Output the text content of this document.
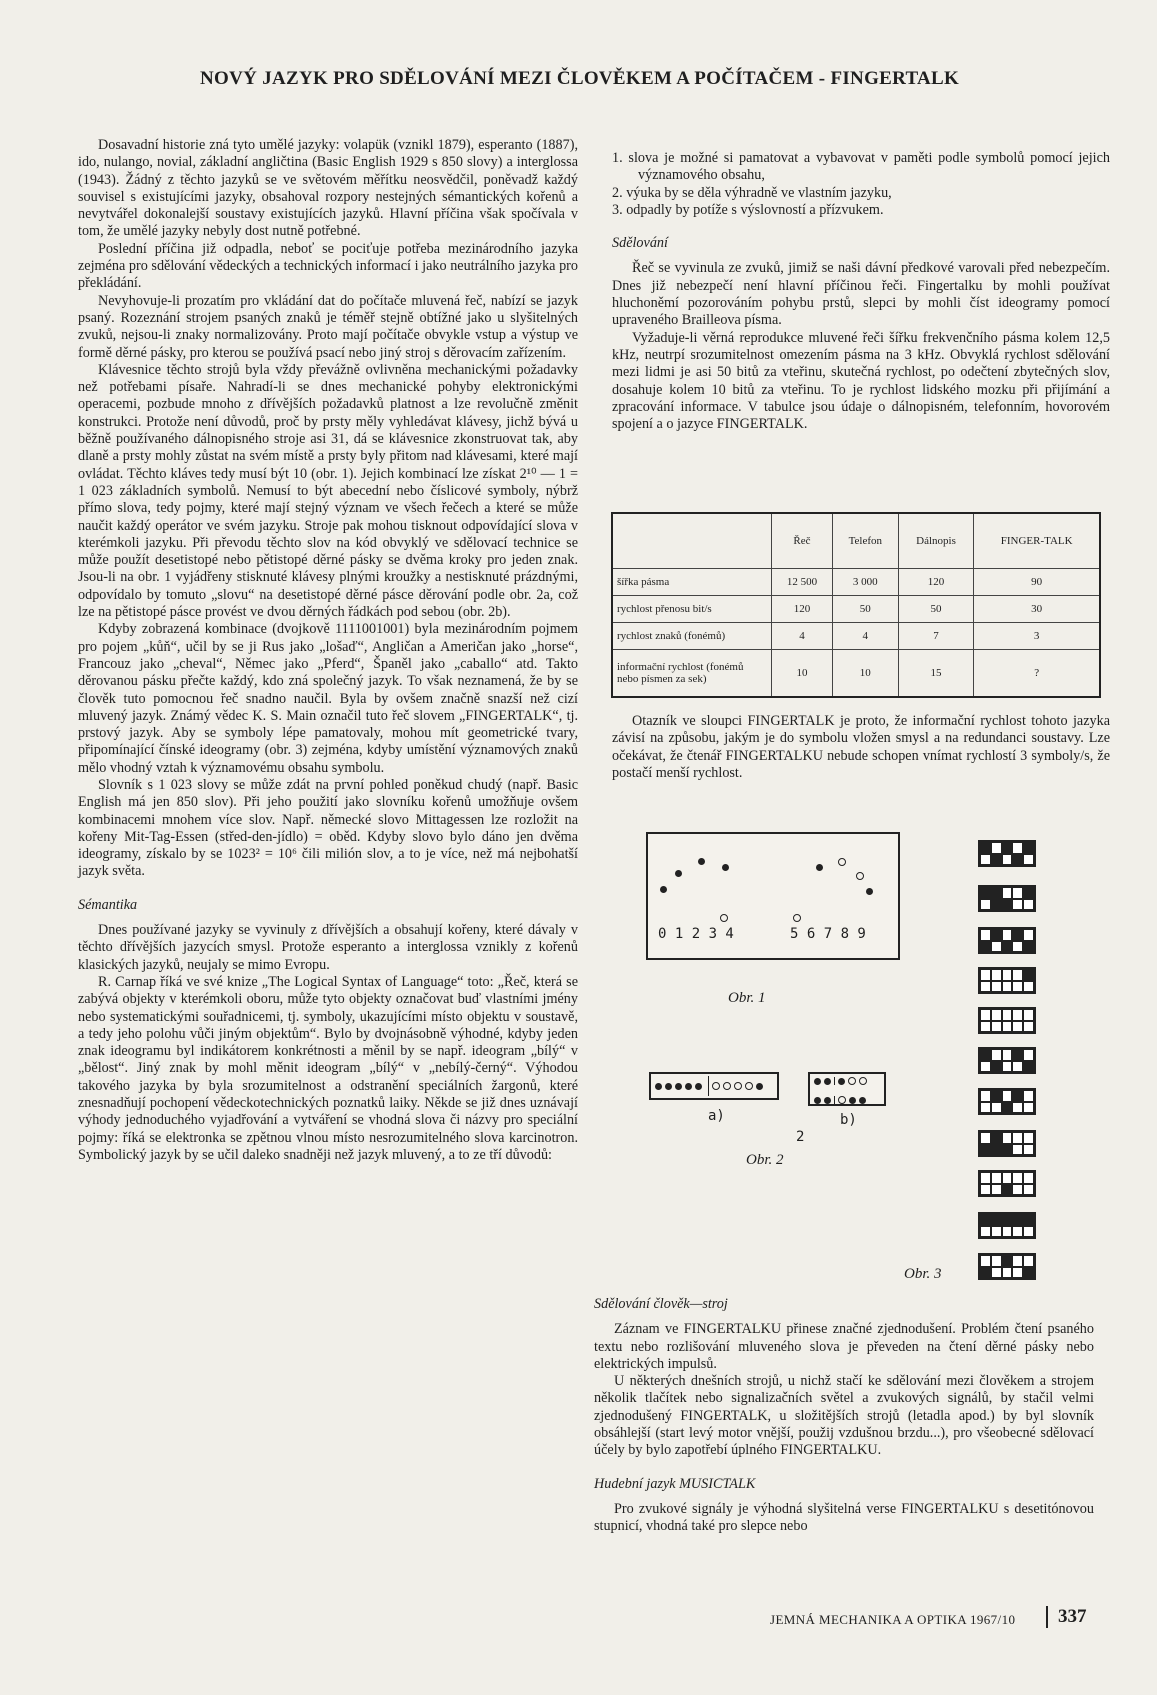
NOVÝ JAZYK PRO SDĚLOVÁNÍ MEZI ČLOVĚKEM A POČÍTAČEM - FINGERTALK

Dosavadní historie zná tyto umělé jazyky: volapük (vznikl 1879), esperanto (1887), ido, nulango, novial, základní angličtina (Basic English 1929 s 850 slovy) a interglossa (1943). Žádný z těchto jazyků se ve světovém měřítku neosvědčil, poněvadž každý souvisel s existujícími jazyky, obsahoval rozpory nestejných sémantických kořenů a nevytvářel dokonalejší soustavy existujících jazyků. Hlavní příčina však spočívala v tom, že umělé jazyky nebyly dost nutně potřebné.

Poslední příčina již odpadla, neboť se pociťuje potřeba mezinárodního jazyka zejména pro sdělování vědeckých a technických informací i jako neutrálního jazyka pro překládání.

Nevyhovuje-li prozatím pro vkládání dat do počítače mluvená řeč, nabízí se jazyk psaný. Rozeznání strojem psaných znaků je téměř stejně obtížné jako u slyšitelných zvuků, nejsou-li znaky normalizovány. Proto mají počítače obvykle vstup a výstup ve formě děrné pásky, pro kterou se používá psací nebo jiný stroj s děrovacím zařízením.

Klávesnice těchto strojů byla vždy převážně ovlivněna mechanickými požadavky než potřebami písaře. Nahradí-li se dnes mechanické pohyby elektronickými operacemi, pozbude mnoho z dřívějších požadavků platnost a lze revolučně změnit konstrukci. Protože není důvodů, proč by prsty měly vyhledávat klávesy, jichž bývá u běžně používaného dálnopisného stroje asi 31, dá se klávesnice zkonstruovat tak, aby dlaně a prsty mohly zůstat na svém místě a prsty byly přitom nad klávesami, které mají ovládat. Těchto kláves tedy musí být 10 (obr. 1). Jejich kombinací lze získat 2¹⁰ — 1 = 1 023 základních symbolů. Nemusí to být abecední nebo číslicové symboly, nýbrž přímo slova, tedy pojmy, které mají stejný význam ve všech řečech a které se může naučit každý operátor ve svém jazyku. Stroje pak mohou tisknout odpovídající slova v kterémkoli jazyku. Při převodu těchto slov na kód obvyklý ve sdělovací technice se může použít desetistopé nebo pětistopé děrné pásky se dvěma kroky pro jeden znak. Jsou-li na obr. 1 vyjádřeny stisknuté klávesy plnými kroužky a nestisknuté prázdnými, odpovídalo by tomuto „slovu“ na desetistopé děrné pásce děrování podle obr. 2a, což lze na pětistopé pásce provést ve dvou děrných řádkách pod sebou (obr. 2b).

Kdyby zobrazená kombinace (dvojkově 1111001001) byla mezinárodním pojmem pro pojem „kůň“, učil by se ji Rus jako „lošaď“, Angličan a Američan jako „horse“, Francouz jako „cheval“, Němec jako „Pferd“, Španěl jako „caballo“ atd. Takto děrovanou pásku přečte každý, kdo zná společný jazyk. To však neznamená, že by se člověk tuto pomocnou řeč snadno naučil. Byla by ovšem značně snazší než cizí mluvený jazyk. Známý vědec K. S. Main označil tuto řeč slovem „FINGERTALK“, tj. prstový jazyk. Aby se symboly lépe pamatovaly, mohou mít geometrické tvary, připomínající čínské ideogramy (obr. 3) zejména, kdyby umístění významových znaků mělo vhodný vztah k významovému obsahu symbolu.

Slovník s 1 023 slovy se může zdát na první pohled poněkud chudý (např. Basic English má jen 850 slov). Při jeho použití jako slovníku kořenů umožňuje ovšem kombinacemi mnohem více slov. Např. německé slovo Mittagessen lze rozložit na kořeny Mit-Tag-Essen (střed-den-jídlo) = oběd. Kdyby slovo bylo dáno jen dvěma ideogramy, získalo by se 1023² = 10⁶ čili milión slov, a to je více, než má nejbohatší jazyk světa.

Sémantika

Dnes používané jazyky se vyvinuly z dřívějších a obsahují kořeny, které dávaly v těchto dřívějších jazycích smysl. Protože esperanto a interglossa vznikly z kořenů klasických jazyků, neujaly se mimo Evropu.

R. Carnap říká ve své knize „The Logical Syntax of Language“ toto: „Řeč, která se zabývá objekty v kterémkoli oboru, může tyto objekty označovat buď vlastními jmény nebo systematickými souřadnicemi, tj. symboly, ukazujícími místo objektu v soustavě, a tedy jeho polohu vůči jiným objektům“. Bylo by dvojnásobně výhodné, kdyby jeden znak ideogramu byl indikátorem konkrétnosti a měnil by se např. ideogram „bílý“ v „bělost“. Jiný znak by mohl měnit ideogram „bílý“ v „nebílý-černý“. Výhodou takového jazyka by byla srozumitelnost a odstranění speciálních žargonů, které znesnadňují pochopení vědeckotechnických poznatků laiky. Někde se již dnes uznávají výhody jednoduchého vyjadřování a vytváření se vhodná slova či názvy pro speciální pojmy: říká se elektronka se zpětnou vlnou místo nesrozumitelného slova karcinotron. Symbolický jazyk by se učil daleko snadněji než jazyk mluvený, a to ze tří důvodů:

1. slova je možné si pamatovat a vybavovat v paměti podle symbolů pomocí jejich významového obsahu,
2. výuka by se děla výhradně ve vlastním jazyku,
3. odpadly by potíže s výslovností a přízvukem.

Sdělování

Řeč se vyvinula ze zvuků, jimiž se naši dávní předkové varovali před nebezpečím. Dnes již nebezpečí není hlavní příčinou řeči. Fingertalku by mohli používat hluchoněmí pozorováním pohybu prstů, slepci by mohli číst ideogramy pomocí upraveného Brailleova písma.

Vyžaduje-li věrná reprodukce mluvené řeči šířku frekvenčního pásma kolem 12,5 kHz, neutrpí srozumitelnost omezením pásma na 3 kHz. Obvyklá rychlost sdělování mezi lidmi je asi 50 bitů za vteřinu, skutečná rychlost, po odečtení zbytečných slov, dosahuje kolem 10 bitů za vteřinu. To je rychlost lidského mozku při přijímání a zpracování informace. V tabulce jsou údaje o dálnopisném, telefonním, hovorovém spojení a o jazyce FINGERTALK.

	Řeč	Telefon	Dálnopis	FINGER-TALK
šířka pásma	12 500	3 000	120	90
rychlost přenosu bit/s	120	50	50	30
rychlost znaků (fonémů)	4	4	7	3
informační rychlost (fonémů nebo písmen za sek)	10	10	15	?

Otazník ve sloupci FINGERTALK je proto, že informační rychlost tohoto jazyka závisí na způsobu, jakým je do symbolu vložen smysl a na redundanci soustavy. Lze očekávat, že čtenář FINGERTALKU nebude schopen vnímat rychlostí 3 symboly/s, že postačí menší rychlost.

0 1 2 3 4	5 6 7 8 9
Obr. 1
a)	b)
2
Obr. 2
Obr. 3

Sdělování člověk—stroj

Záznam ve FINGERTALKU přinese značné zjednodušení. Problém čtení psaného textu nebo rozlišování mluveného slova je převeden na čtení děrné pásky nebo elektrických impulsů.

U některých dnešních strojů, u nichž stačí ke sdělování mezi člověkem a strojem několik tlačítek nebo signalizačních světel a zvukových signálů, by stačil velmi zjednodušený FINGERTALK, u složitějších strojů (letadla apod.) by byl slovník obsáhlejší (start levý motor vnější, použij vzdušnou brzdu...), pro všeobecné sdělovací účely by bylo zapotřebí úplného FINGERTALKU.

Hudební jazyk MUSICTALK

Pro zvukové signály je výhodná slyšitelná verse FINGERTALKU s desetitónovou stupnicí, vhodná také pro slepce nebo

JEMNÁ MECHANIKA A OPTIKA 1967/10 337
